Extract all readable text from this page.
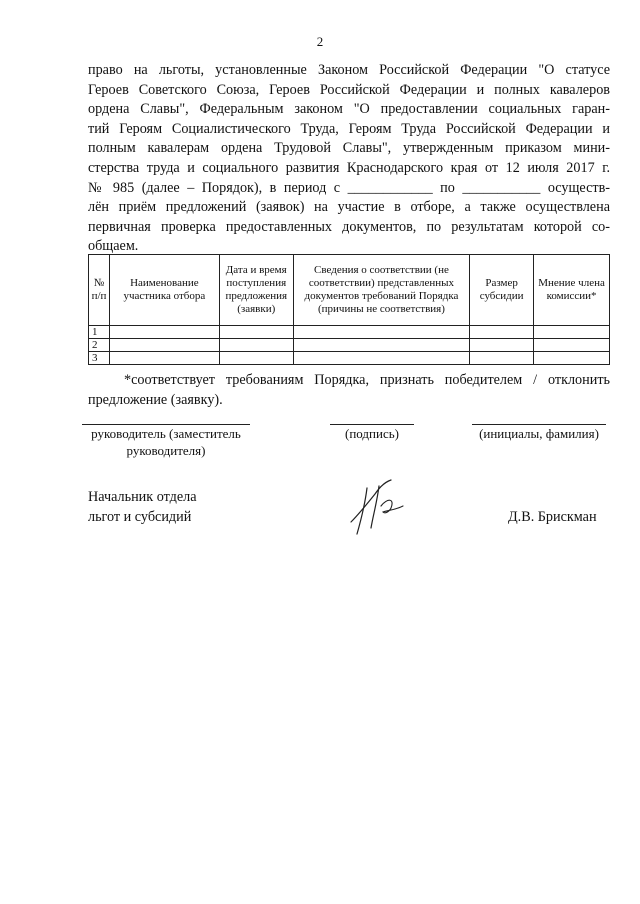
2
право на льготы, установленные Законом Российской Федерации "О статусе
Героев Советского Союза, Героев Российской Федерации и полных кавалеров
ордена Славы", Федеральным законом "О предоставлении социальных гаран-
тий Героям Социалистического Труда, Героям Труда Российской Федерации и
полным кавалерам ордена Трудовой Славы", утвержденным приказом мини-
стерства труда и социального развития Краснодарского края от 12 июля 2017 г.
№ 985 (далее – Порядок), в период с ____________ по ___________ осуществ-
лён приём предложений (заявок) на участие в отборе, а также осуществлена
первичная проверка предоставленных документов, по результатам которой со-
общаем.
№ п/п	Наименование участника отбора	Дата и время поступления предложения (заявки)	Сведения о соответствии (не соответствии) представленных документов требований Порядка (причины не соответствия)	Размер субсидии	Мнение члена комиссии*
1					
2					
3					
*соответствует требованиям Порядка, признать победителем / отклонить
предложение (заявку).
руководитель (заместитель руководителя)
(подпись)	(инициалы, фамилия)
Начальник отдела
льгот и субсидий	Д.В. Брискман
